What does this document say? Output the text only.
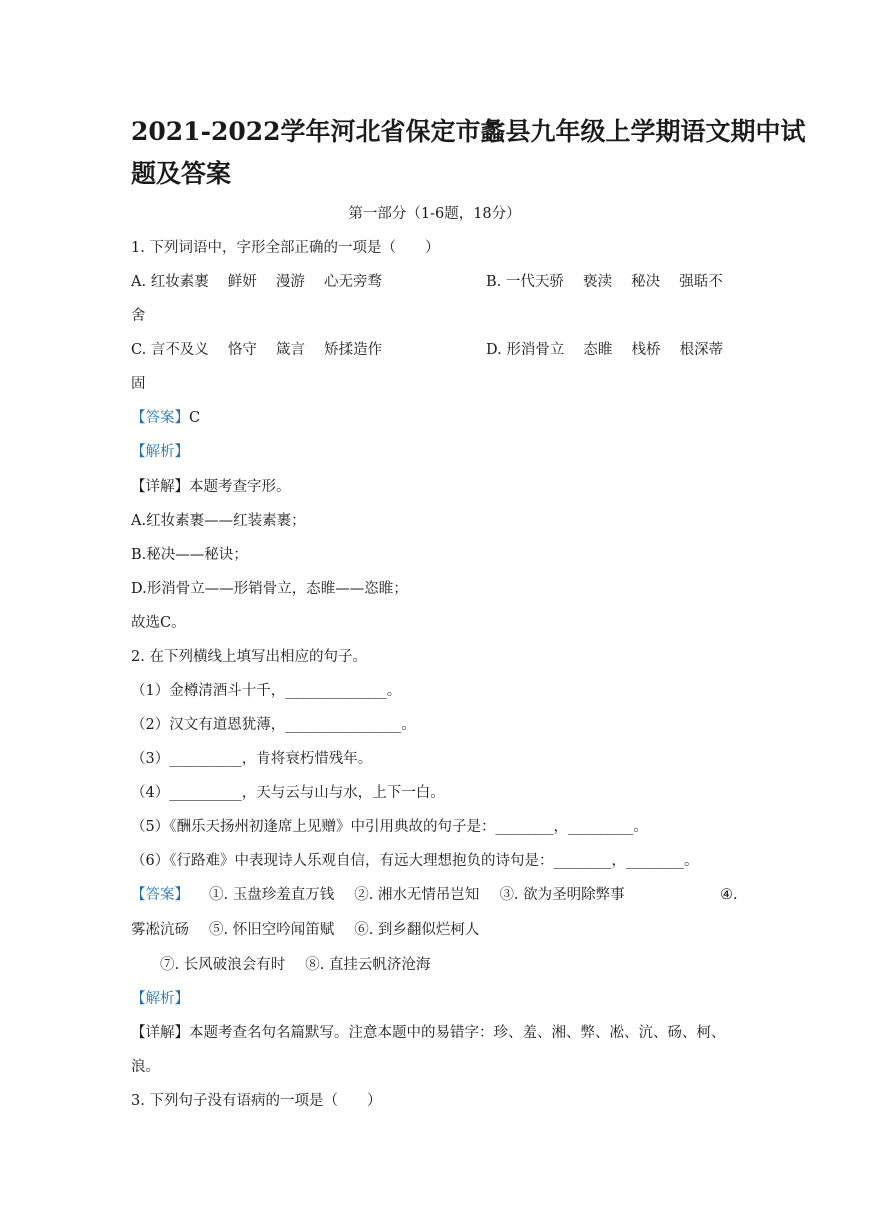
2021-2022学年河北省保定市蠡县九年级上学期语文期中试
题及答案
第一部分（1-6题，18分）
1. 下列词语中，字形全部正确的一项是（　　）
A. 红妆素裹　 鲜妍　 漫游　 心无旁骛	B. 一代天骄　 亵渎　 秘决　 强聒不
舍
C. 言不及义　 恪守　 箴言　 矫揉造作	D. 形消骨立　 态睢　 栈桥　 根深蒂
固
【答案】C
【解析】
【详解】本题考查字形。
A.红妆素裹——红装素裹；
B.秘决——秘诀；
D.形消骨立——形销骨立，态睢——恣睢；
故选C。
2. 在下列横线上填写出相应的句子。
（1）金樽清酒斗十千，______________。
（2）汉文有道恩犹薄，________________。
（3）__________，肯将衰朽惜残年。
（4）__________，天与云与山与水，上下一白。
（5）《酬乐天扬州初逢席上见赠》中引用典故的句子是：________，_________。
（6）《行路难》中表现诗人乐观自信，有远大理想抱负的诗句是：________，________。
【答案】 ①. 玉盘珍羞直万钱 ②. 湘水无情吊岂知 ③. 欲为圣明除弊事	④.
雾凇沆砀 ⑤. 怀旧空吟闻笛赋 ⑥. 到乡翻似烂柯人
⑦. 长风破浪会有时 ⑧. 直挂云帆济沧海
【解析】
【详解】本题考查名句名篇默写。注意本题中的易错字：珍、羞、湘、弊、凇、沆、砀、柯、
浪。
3. 下列句子没有语病的一项是（　　）
